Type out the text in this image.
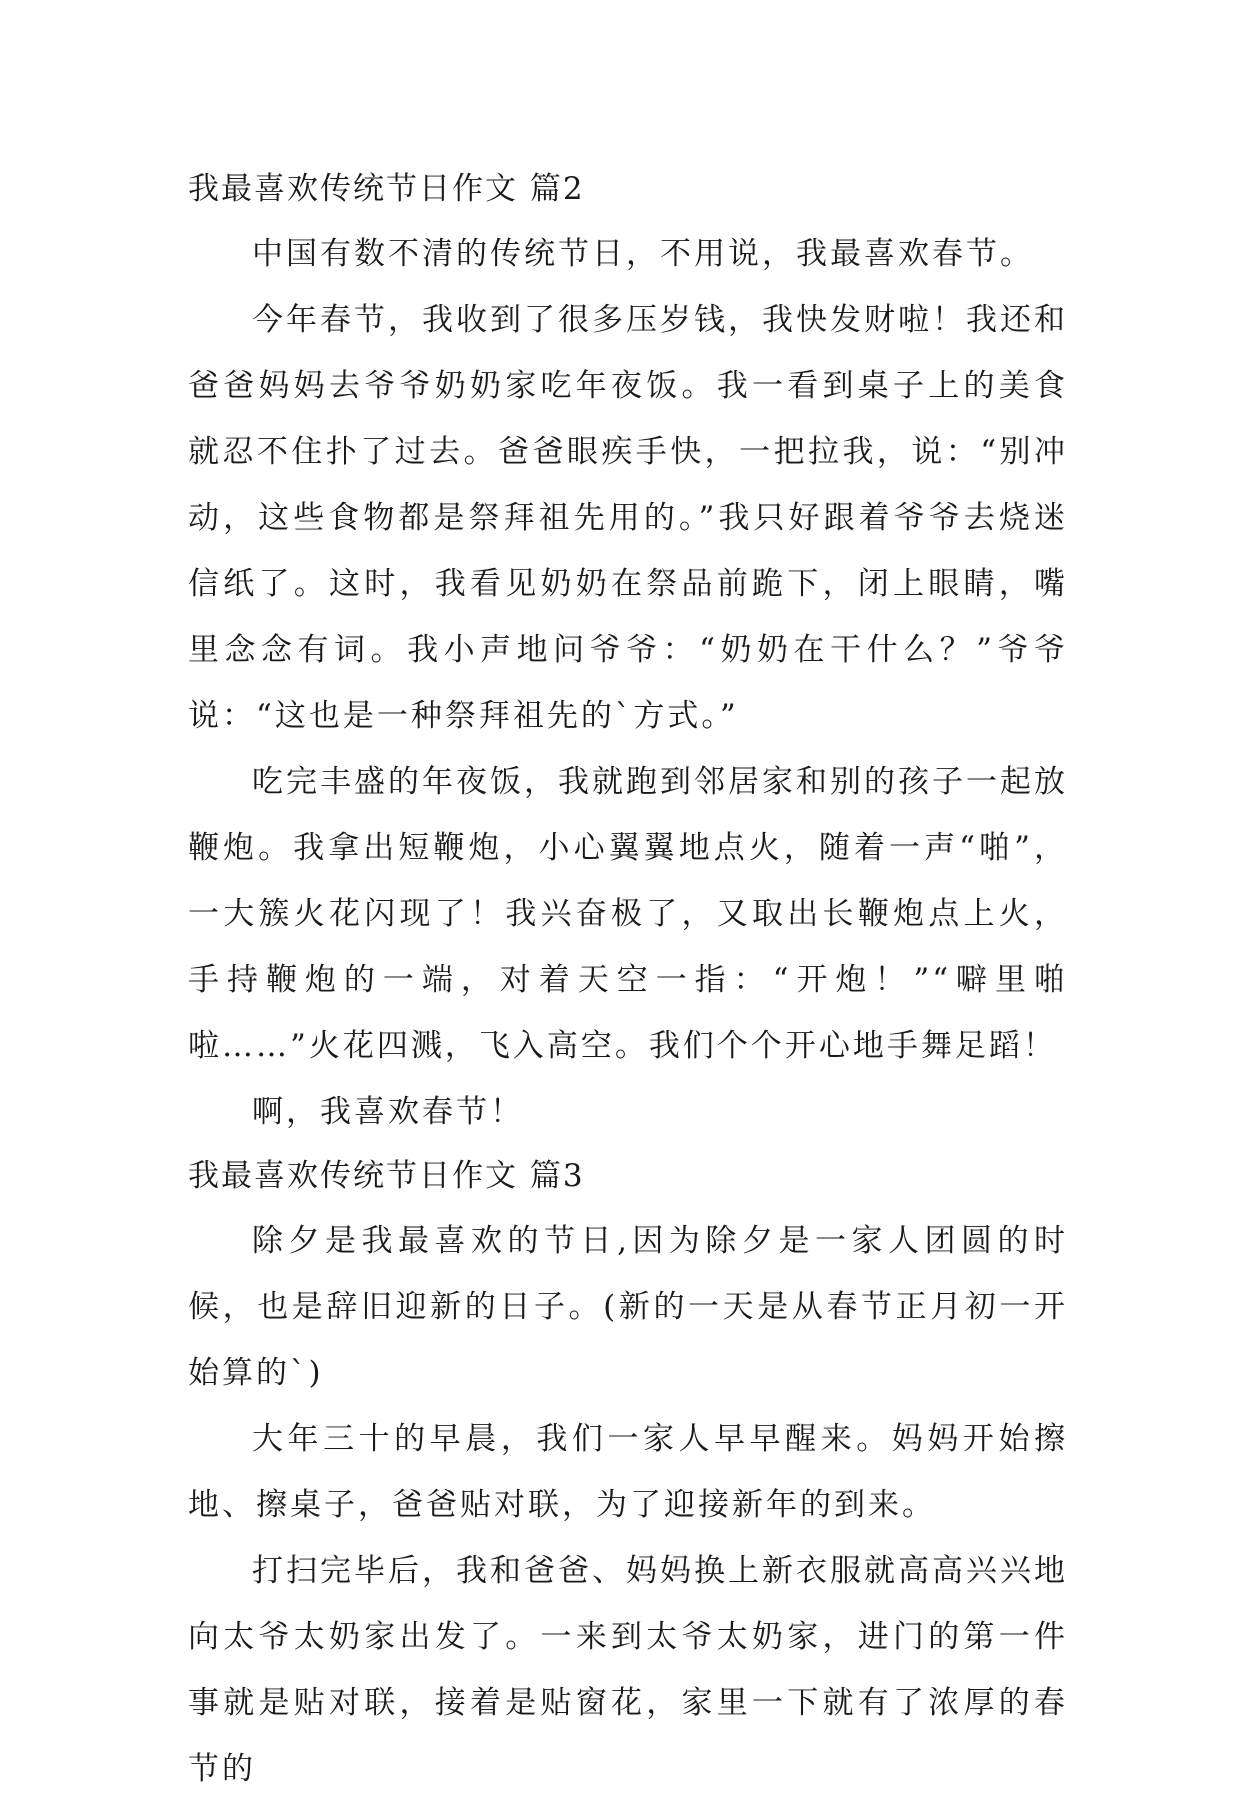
我最喜欢传统节日作文 篇2

中国有数不清的传统节日，不用说，我最喜欢春节。

今年春节，我收到了很多压岁钱，我快发财啦！我还和爸爸妈妈去爷爷奶奶家吃年夜饭。我一看到桌子上的美食就忍不住扑了过去。爸爸眼疾手快，一把拉我，说：“别冲动，这些食物都是祭拜祖先用的。”我只好跟着爷爷去烧迷信纸了。这时，我看见奶奶在祭品前跪下，闭上眼睛，嘴里念念有词。我小声地问爷爷：“奶奶在干什么？”爷爷说：“这也是一种祭拜祖先的`方式。”

吃完丰盛的年夜饭，我就跑到邻居家和别的孩子一起放鞭炮。我拿出短鞭炮，小心翼翼地点火，随着一声“啪”，一大簇火花闪现了！我兴奋极了，又取出长鞭炮点上火，手持鞭炮的一端，对着天空一指：“开炮！”“噼里啪啦……”火花四溅，飞入高空。我们个个开心地手舞足蹈！

啊，我喜欢春节！

我最喜欢传统节日作文 篇3

除夕是我最喜欢的节日,因为除夕是一家人团圆的时候，也是辞旧迎新的日子。(新的一天是从春节正月初一开始算的`)

大年三十的早晨，我们一家人早早醒来。妈妈开始擦地、擦桌子，爸爸贴对联，为了迎接新年的到来。

打扫完毕后，我和爸爸、妈妈换上新衣服就高高兴兴地向太爷太奶家出发了。一来到太爷太奶家，进门的第一件事就是贴对联，接着是贴窗花，家里一下就有了浓厚的春节的
